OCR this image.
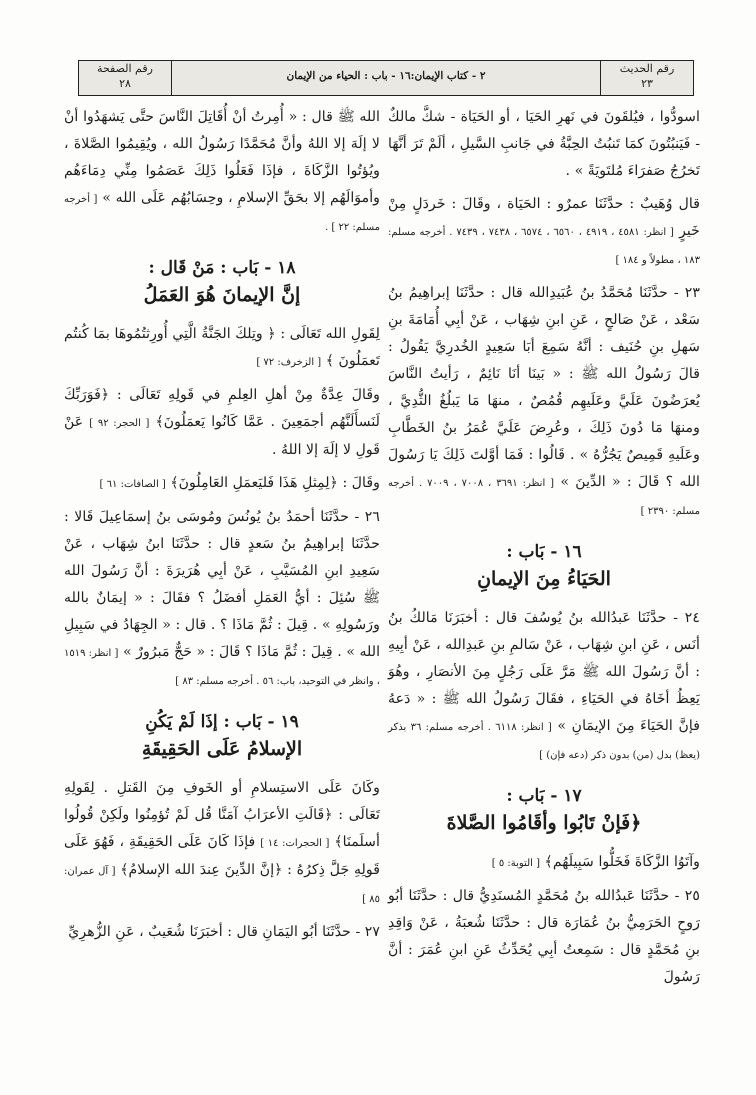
رقم الحديث
٢٣
٢ - كتاب الإيمان:١٦ - باب : الحياء من الإيمان
رقم الصفحة
٢٨
اسودُّوا ، فيُلقَونَ في نَهرِ الحَيَا ، أو الحَيَاة - شكَّ مالكٌ - فَيَنبُتُونَ كمَا تَنبُتُ الحِبَّةُ في جَانبِ السَّيلِ ، ألَمْ تَرَ أنَّهَا تَخرُجُ صَفرَاءَ مُلتَويَةً » .
قال وُهَيبٌ : حدَّثَنَا عمرٌو : الحَيَاة ، وقَالَ : خَردَلٍ مِنْ خَيرٍ [ انظر: ٤٥٨١ ، ٤٩١٩ ، ٦٥٦٠ ، ٦٥٧٤ ، ٧٤٣٨ ، ٧٤٣٩ . أخرجه مسلم: ١٨٣ ، مطولاً و ١٨٤ ]
٢٣ - حدَّثَنَا مُحَمَّدُ بنُ عُبَيدِالله قال : حدَّثَنَا إبراهِيمُ بنُ سَعْد ، عَنْ صَالحٍ ، عَنِ ابنِ شِهَاب ، عَنْ أبِي أُمَامَةَ بنِ سَهلِ بنِ حُنَيف : أنَّهُ سَمِعَ أبَا سَعِيدٍ الخُدرِيَّ يَقُولُ : قالَ رَسُولُ الله ﷺ : « بَينَا أنَا نَائِمٌ ، رَأيتُ النَّاسَ يُعرَضُونَ عَلَيَّ وعَلَيهِم قُمُصٌ ، منهَا مَا يَبلُغُ الثُّدِيَّ ، ومنهَا مَا دُونَ ذَلِكَ ، وعُرِضَ عَلَيَّ عُمَرُ بنُ الخَطَّابِ وعَلَيهِ قَمِيصٌ يَجُرُّهُ » . قَالُوا : فَمَا أوَّلتَ ذَلِكَ يَا رَسُولَ الله ؟ قَالَ : « الدِّينَ » [ انظر: ٣٦٩١ ، ٧٠٠٨ ، ٧٠٠٩ . أخرجه مسلم: ٢٣٩٠ ]
١٦ - بَاب :
الحَيَاءُ مِنَ الإيمانِ
٢٤ - حدَّثَنَا عَبدُالله بنُ يُوسُفَ قال : أخبَرَنَا مَالكُ بنُ أنَس ، عَنِ ابنِ شِهَاب ، عَنْ سَالمِ بنِ عَبدِالله ، عَنْ أبِيهِ : أنَّ رَسُولَ الله ﷺ مَرَّ عَلَى رَجُلٍ مِنَ الأنصَارِ ، وهُوَ يَعِظُ أخَاهُ في الحَيَاءِ ، فقَالَ رَسُولُ الله ﷺ : « دَعهُ فإنَّ الحَيَاءَ مِنَ الإيمَانِ » [ انظر: ٦١١٨ . أخرجه مسلم: ٣٦ بذكر (يعظ) بدل (من) بدون ذكر (دعه فإن) ]
١٧ - بَاب :
﴿فَإنْ تَابُوا وأقَامُوا الصَّلاةَ
وآتَوُا الزَّكَاةَ فَخَلُّوا سَبِيلَهُم﴾ [ التوبة: ٥ ]
٢٥ - حدَّثَنَا عَبدُالله بنُ مُحَمَّدٍ المُسنَدِيُّ قال : حدَّثَنَا أبُو رَوحٍ الحَرَمِيُّ بنُ عُمَارَة قال : حدَّثَنَا شُعبَةُ ، عَنْ وَاقِدِ بنِ مُحَمَّدٍ قال : سَمِعتُ أبِي يُحَدِّثُ عَنِ ابنِ عُمَرَ : أنَّ رَسُولَ
الله ﷺ قال : « أُمِرتُ أنْ أُقَاتِلَ النَّاسَ حتَّى يَشهَدُوا أنْ لا إلَهَ إلا اللهُ وأنَّ مُحَمَّدًا رَسُولُ الله ، ويُقِيمُوا الصَّلاةَ ، ويُؤتُوا الزَّكَاةَ ، فإذَا فَعَلُوا ذَلِكَ عَصَمُوا مِنِّي دِمَاءَهُم وأموَالَهُم إلا بحَقِّ الإسلامِ ، وحِسَابُهُم عَلَى الله » [ أخرجه مسلم: ٢٢ ] .
١٨ - بَاب : مَنْ قَال :
إنَّ الإيمانَ هُوَ العَمَلُ
لِقَولِ الله تَعَالَى : ﴿ وتِلكَ الجَنَّةُ الَّتِي أُورِثتُمُوهَا بمَا كُنتُم تَعمَلُونَ ﴾ [ الزخرف: ٧٢ ]
وقَالَ عِدَّةٌ مِنْ أهلِ العِلمِ في قَولِهِ تَعَالَى : ﴿فَوَرَبِّكَ لَنَسأَلَنَّهُم أجمَعِينَ . عَمَّا كَانُوا يَعمَلُونَ﴾ [ الحجر: ٩٢ ] عَنْ قَولِ لا إلَهَ إلا اللهُ .
وقَالَ : ﴿لِمِثلِ هَذَا فَليَعمَلِ العَامِلُونَ﴾ [ الصافات: ٦١ ]
٢٦ - حدَّثَنَا أحمَدُ بنُ يُونُسَ ومُوسَى بنُ إسمَاعِيلَ قَالا : حدَّثَنَا إبراهِيمُ بنُ سَعدٍ قال : حدَّثَنَا ابنُ شِهَاب ، عَنْ سَعِيدِ ابنِ المُسَيَّبِ ، عَنْ أبِي هُرَيرَةَ : أنَّ رَسُولَ الله ﷺ سُئِلَ : أيُّ العَمَلِ أفضَلُ ؟ فقَالَ : « إيمَانٌ بالله ورَسُولِهِ » . قِيلَ : ثُمَّ مَاذَا ؟ . قال : « الجِهَادُ في سَبِيلِ الله » . قِيلَ : ثُمَّ مَاذَا ؟ قَالَ : « حَجٌّ مَبرُورٌ » [ انظر: ١٥١٩ ، وانظر في التوحيد، باب: ٥٦ . أخرجه مسلم: ٨٣ ]
١٩ - بَاب : إذَا لَمْ يَكُنِ
الإسلامُ عَلَى الحَقِيقَةِ
وكَانَ عَلَى الاستِسلامِ أو الخَوفِ مِنَ القَتلِ . لِقَولِهِ تَعَالَى : ﴿قَالَتِ الأعرَابُ آمَنَّا قُل لَمْ تُؤمِنُوا ولَكِنْ قُولُوا أسلَمنَا﴾ [ الحجرات: ١٤ ] فإذَا كَانَ عَلَى الحَقِيقَةِ ، فَهُوَ عَلَى قَولِهِ جَلَّ ذِكرُهُ : ﴿إنَّ الدِّينَ عِندَ الله الإسلامُ﴾ [ آل عمران: ٨٥ ]
٢٧ - حدَّثَنَا أبُو اليَمَانِ قال : أخبَرَنَا شُعَيبٌ ، عَنِ الزُّهرِيِّ
